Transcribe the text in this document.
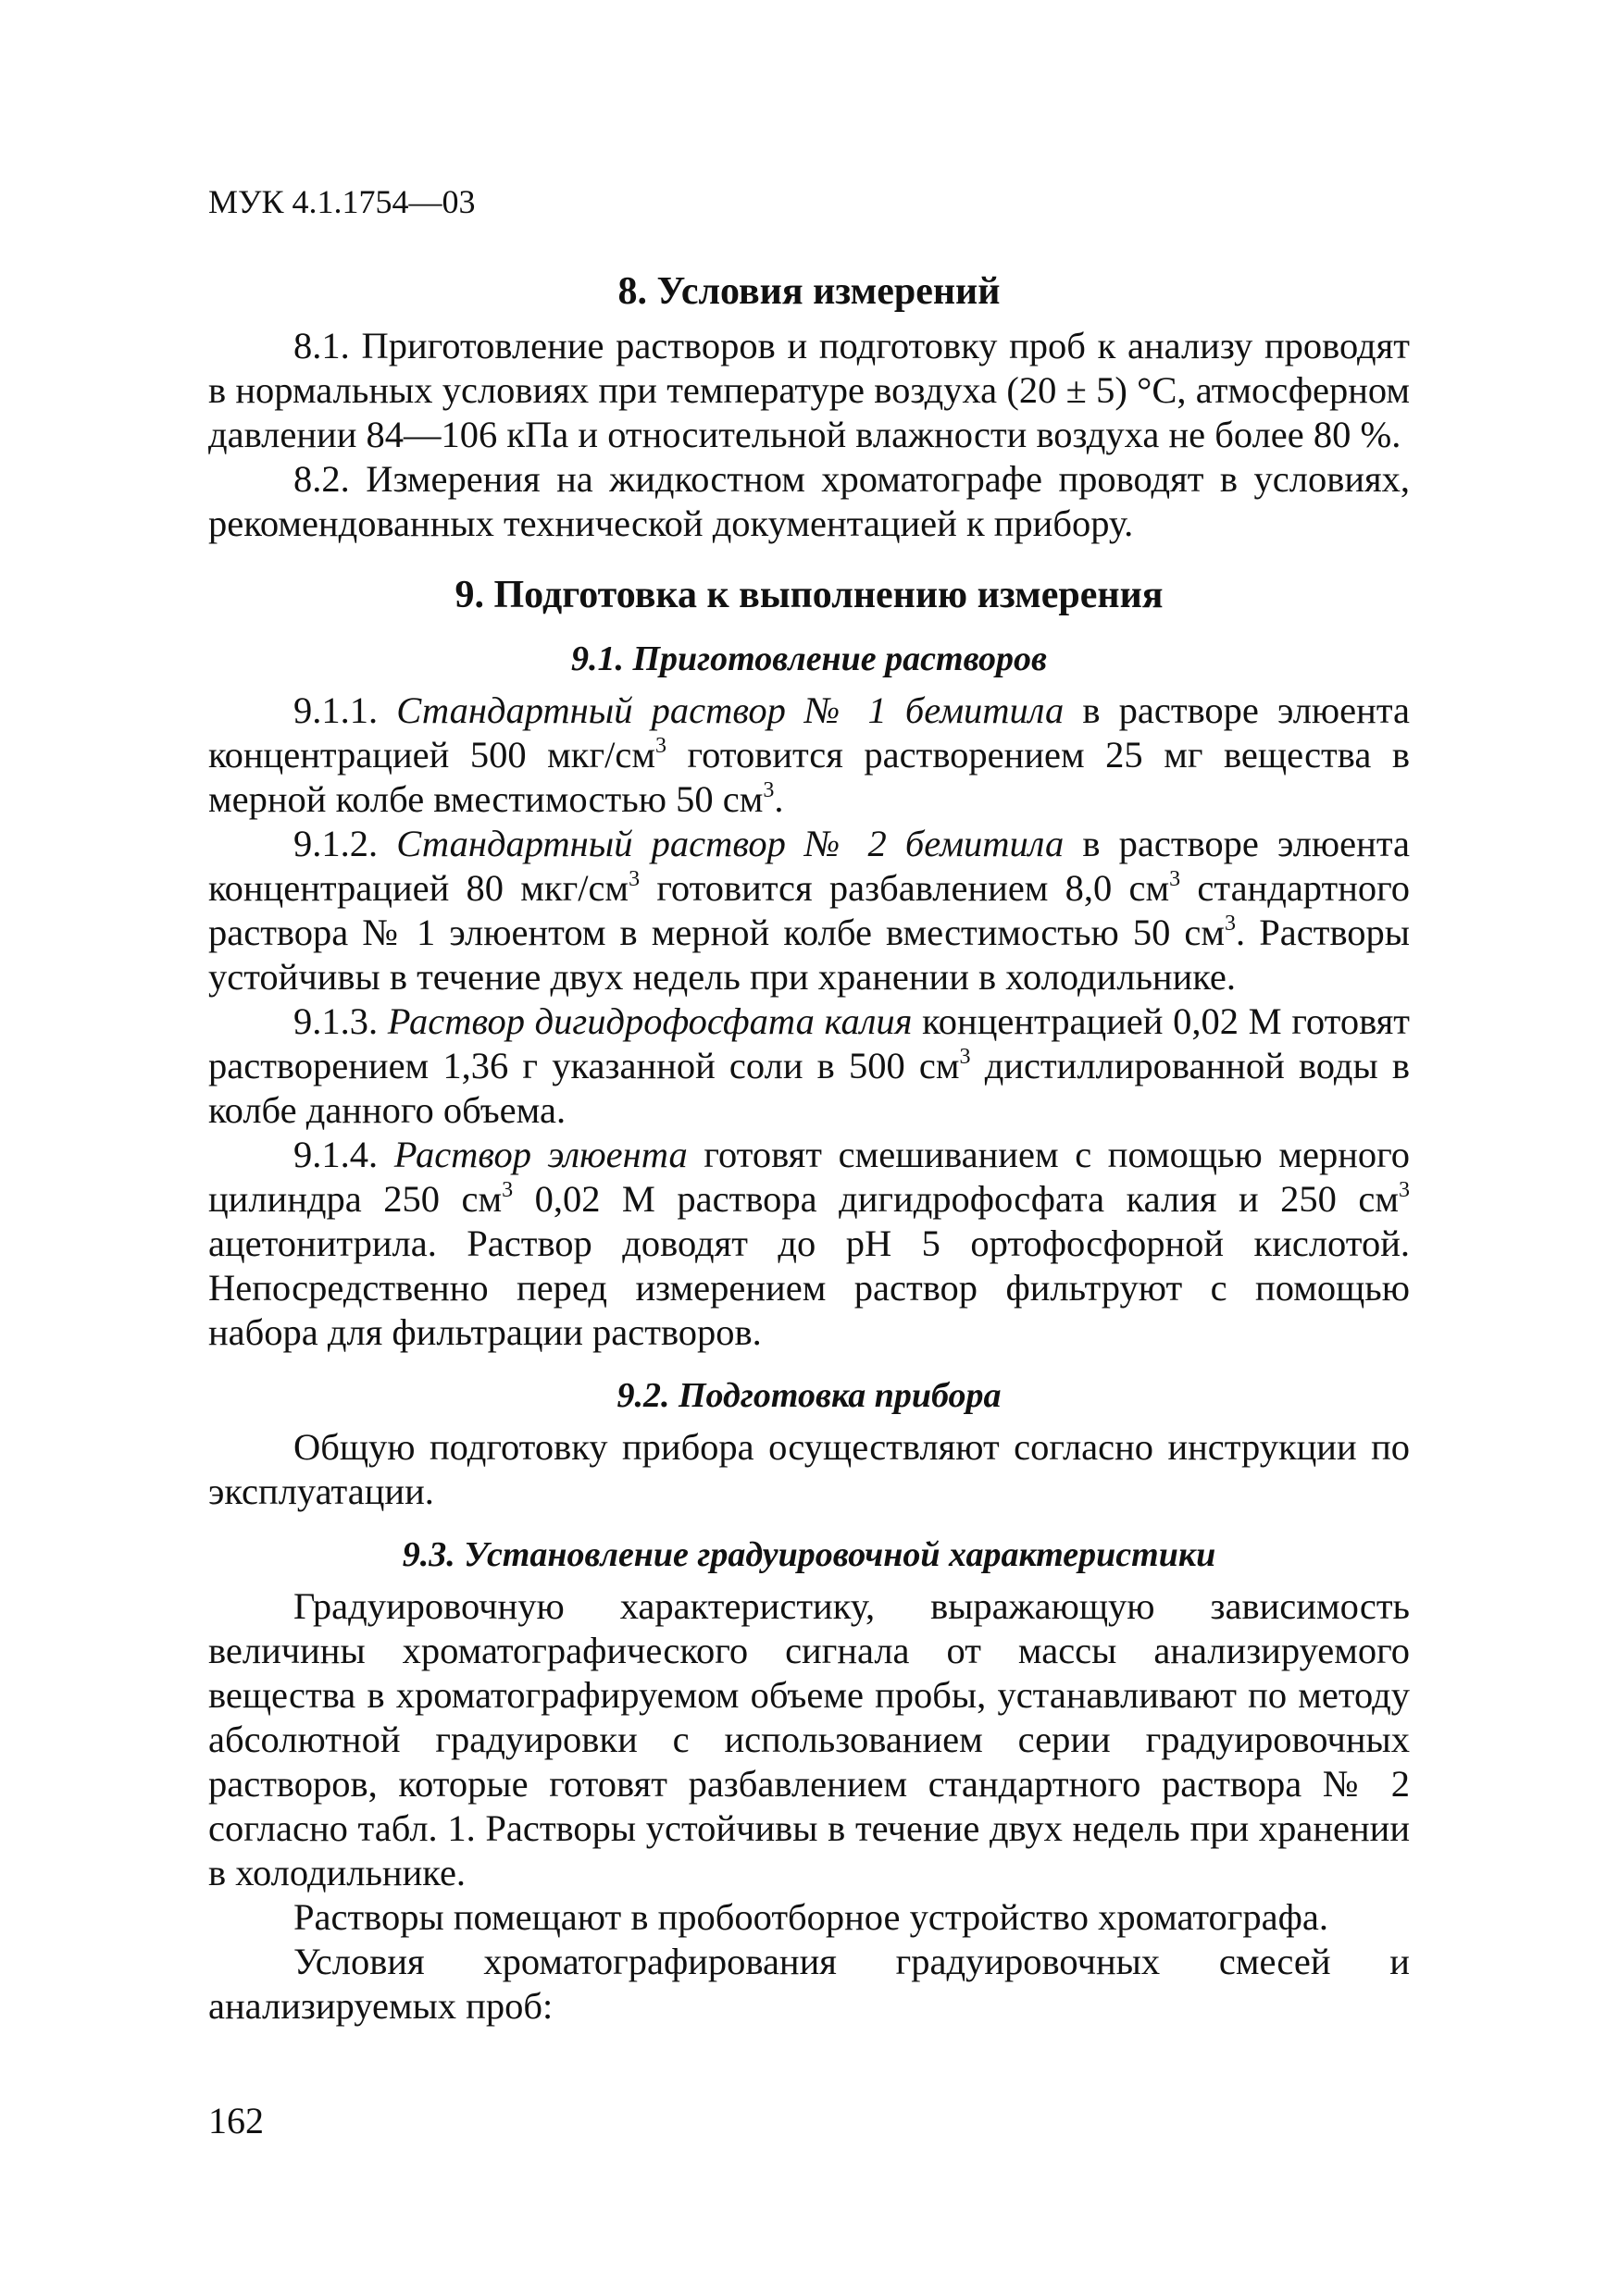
МУК 4.1.1754—03
8. Условия измерений

8.1. Приготовление растворов и подготовку проб к анализу проводят в нормальных условиях при температуре воздуха (20 ± 5) °С, атмосферном давлении 84—106 кПа и относительной влажности воздуха не более 80 %.

8.2. Измерения на жидкостном хроматографе проводят в условиях, рекомендованных технической документацией к прибору.

9. Подготовка к выполнению измерения
9.1. Приготовление растворов

9.1.1. Стандартный раствор № 1 бемитила в растворе элюента концентрацией 500 мкг/$см^3$ готовится растворением 25 мг вещества в мерной колбе вместимостью 50 $см^3$.

9.1.2. Стандартный раствор № 2 бемитила в растворе элюента концентрацией 80 мкг/$см^3$ готовится разбавлением 8,0 $см^3$ стандартного раствора № 1 элюентом в мерной колбе вместимостью 50 $см^3$. Растворы устойчивы в течение двух недель при хранении в холодильнике.

9.1.3. Раствор дигидрофосфата калия концентрацией 0,02 М готовят растворением 1,36 г указанной соли в 500 $см^3$ дистиллированной воды в колбе данного объема.

9.1.4. Раствор элюента готовят смешиванием с помощью мерного цилиндра 250 $см^3$ 0,02 М раствора дигидрофосфата калия и 250 $см^3$ ацетонитрила. Раствор доводят до pH 5 ортофосфорной кислотой. Непосредственно перед измерением раствор фильтруют с помощью набора для фильтрации растворов.

9.2. Подготовка прибора

Общую подготовку прибора осуществляют согласно инструкции по эксплуатации.

9.3. Установление градуировочной характеристики

Градуировочную характеристику, выражающую зависимость величины хроматографического сигнала от массы анализируемого вещества в хроматографируемом объеме пробы, устанавливают по методу абсолютной градуировки с использованием серии градуировочных растворов, которые готовят разбавлением стандартного раствора № 2 согласно табл. 1. Растворы устойчивы в течение двух недель при хранении в холодильнике.

Растворы помещают в пробоотборное устройство хроматографа.

Условия хроматографирования градуировочных смесей и анализируемых проб:

162
